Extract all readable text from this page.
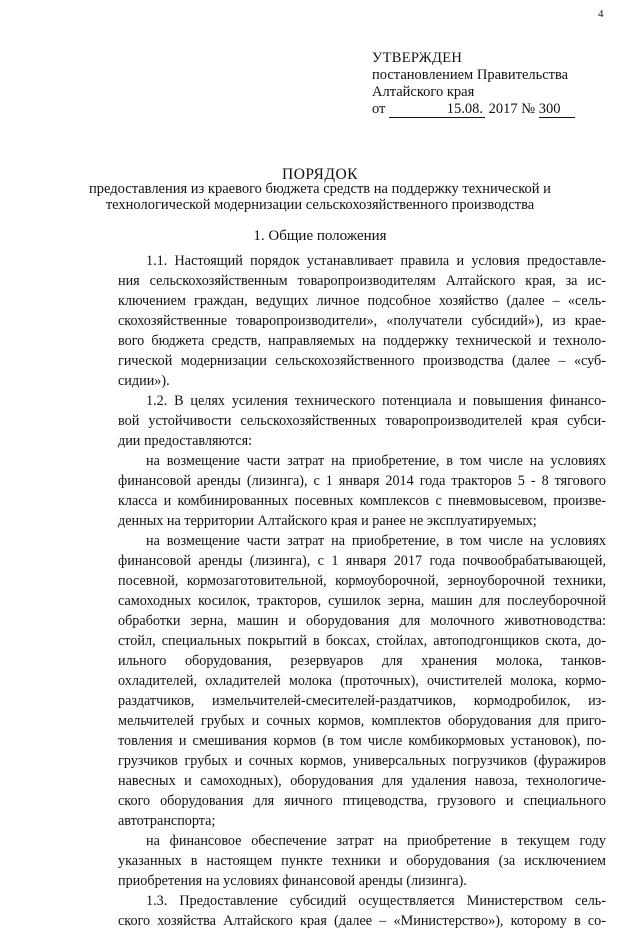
4
УТВЕРЖДЕН
постановлением Правительства
Алтайского края
от	15.08. 2017 № 300
ПОРЯДОК
предоставления из краевого бюджета средств на поддержку технической и
технологической модернизации сельскохозяйственного производства
1. Общие положения
1.1. Настоящий порядок устанавливает правила и условия предоставле-
ния сельскохозяйственным товаропроизводителям Алтайского края, за ис-
ключением граждан, ведущих личное подсобное хозяйство (далее – «сель-
скохозяйственные товаропроизводители», «получатели субсидий»), из крае-
вого бюджета средств, направляемых на поддержку технической и техноло-
гической модернизации сельскохозяйственного производства (далее – «суб-
сидии»).
1.2. В целях усиления технического потенциала и повышения финансо-
вой устойчивости сельскохозяйственных товаропроизводителей края субси-
дии предоставляются:
на возмещение части затрат на приобретение, в том числе на условиях
финансовой аренды (лизинга), с 1 января 2014 года тракторов 5 - 8 тягового
класса и комбинированных посевных комплексов с пневмовысевом, произве-
денных на территории Алтайского края и ранее не эксплуатируемых;
на возмещение части затрат на приобретение, в том числе на условиях
финансовой аренды (лизинга), с 1 января 2017 года почвообрабатывающей,
посевной, кормозаготовительной, кормоуборочной, зерноуборочной техники,
самоходных косилок, тракторов, сушилок зерна, машин для послеуборочной
обработки зерна, машин и оборудования для молочного животноводства:
стойл, специальных покрытий в боксах, стойлах, автоподгонщиков скота, до-
ильного оборудования, резервуаров для хранения молока, танков-
охладителей, охладителей молока (проточных), очистителей молока, кормо-
раздатчиков, измельчителей-смесителей-раздатчиков, кормодробилок, из-
мельчителей грубых и сочных кормов, комплектов оборудования для приго-
товления и смешивания кормов (в том числе комбикормовых установок), по-
грузчиков грубых и сочных кормов, универсальных погрузчиков (фуражиров
навесных и самоходных), оборудования для удаления навоза, технологиче-
ского оборудования для яичного птицеводства, грузового и специального
автотранспорта;
на финансовое обеспечение затрат на приобретение в текущем году
указанных в настоящем пункте техники и оборудования (за исключением
приобретения на условиях финансовой аренды (лизинга).
1.3. Предоставление субсидий осуществляется Министерством сель-
ского хозяйства Алтайского края (далее – «Министерство»), которому в со-
